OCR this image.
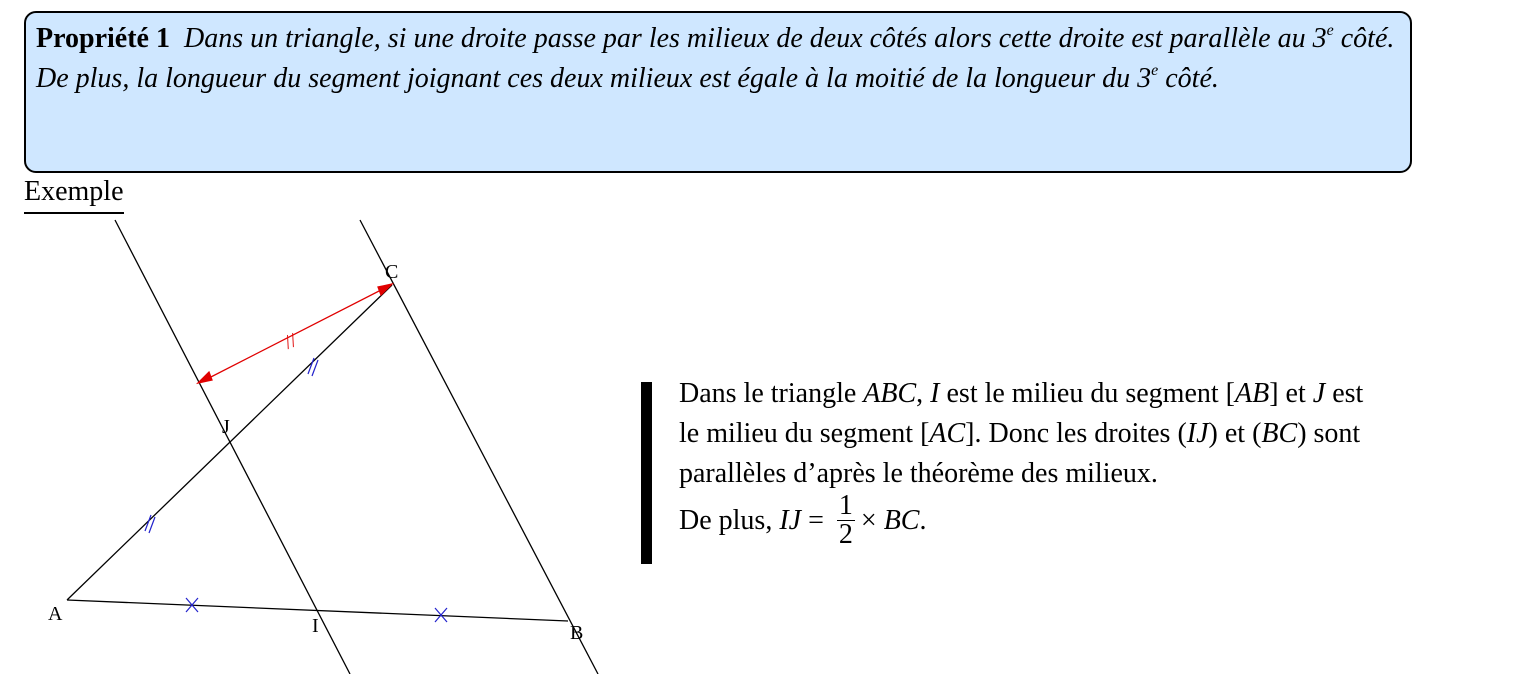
Propriété 1 Dans un triangle, si une droite passe par les milieux de deux côtés alors cette droite est parallèle au 3e côté.

De plus, la longueur du segment joignant ces deux milieux est égale à la moitié de la longueur du 3e côté.

Exemple
//
A
B
C
I
J
Dans le triangle ABC, I est le milieu du segment [AB] et J est
le milieu du segment [AC]. Donc les droites (IJ) et (BC) sont
parallèles d’après le théorème des milieux.
De plus, IJ = $\frac{1}{2}$ × BC.
